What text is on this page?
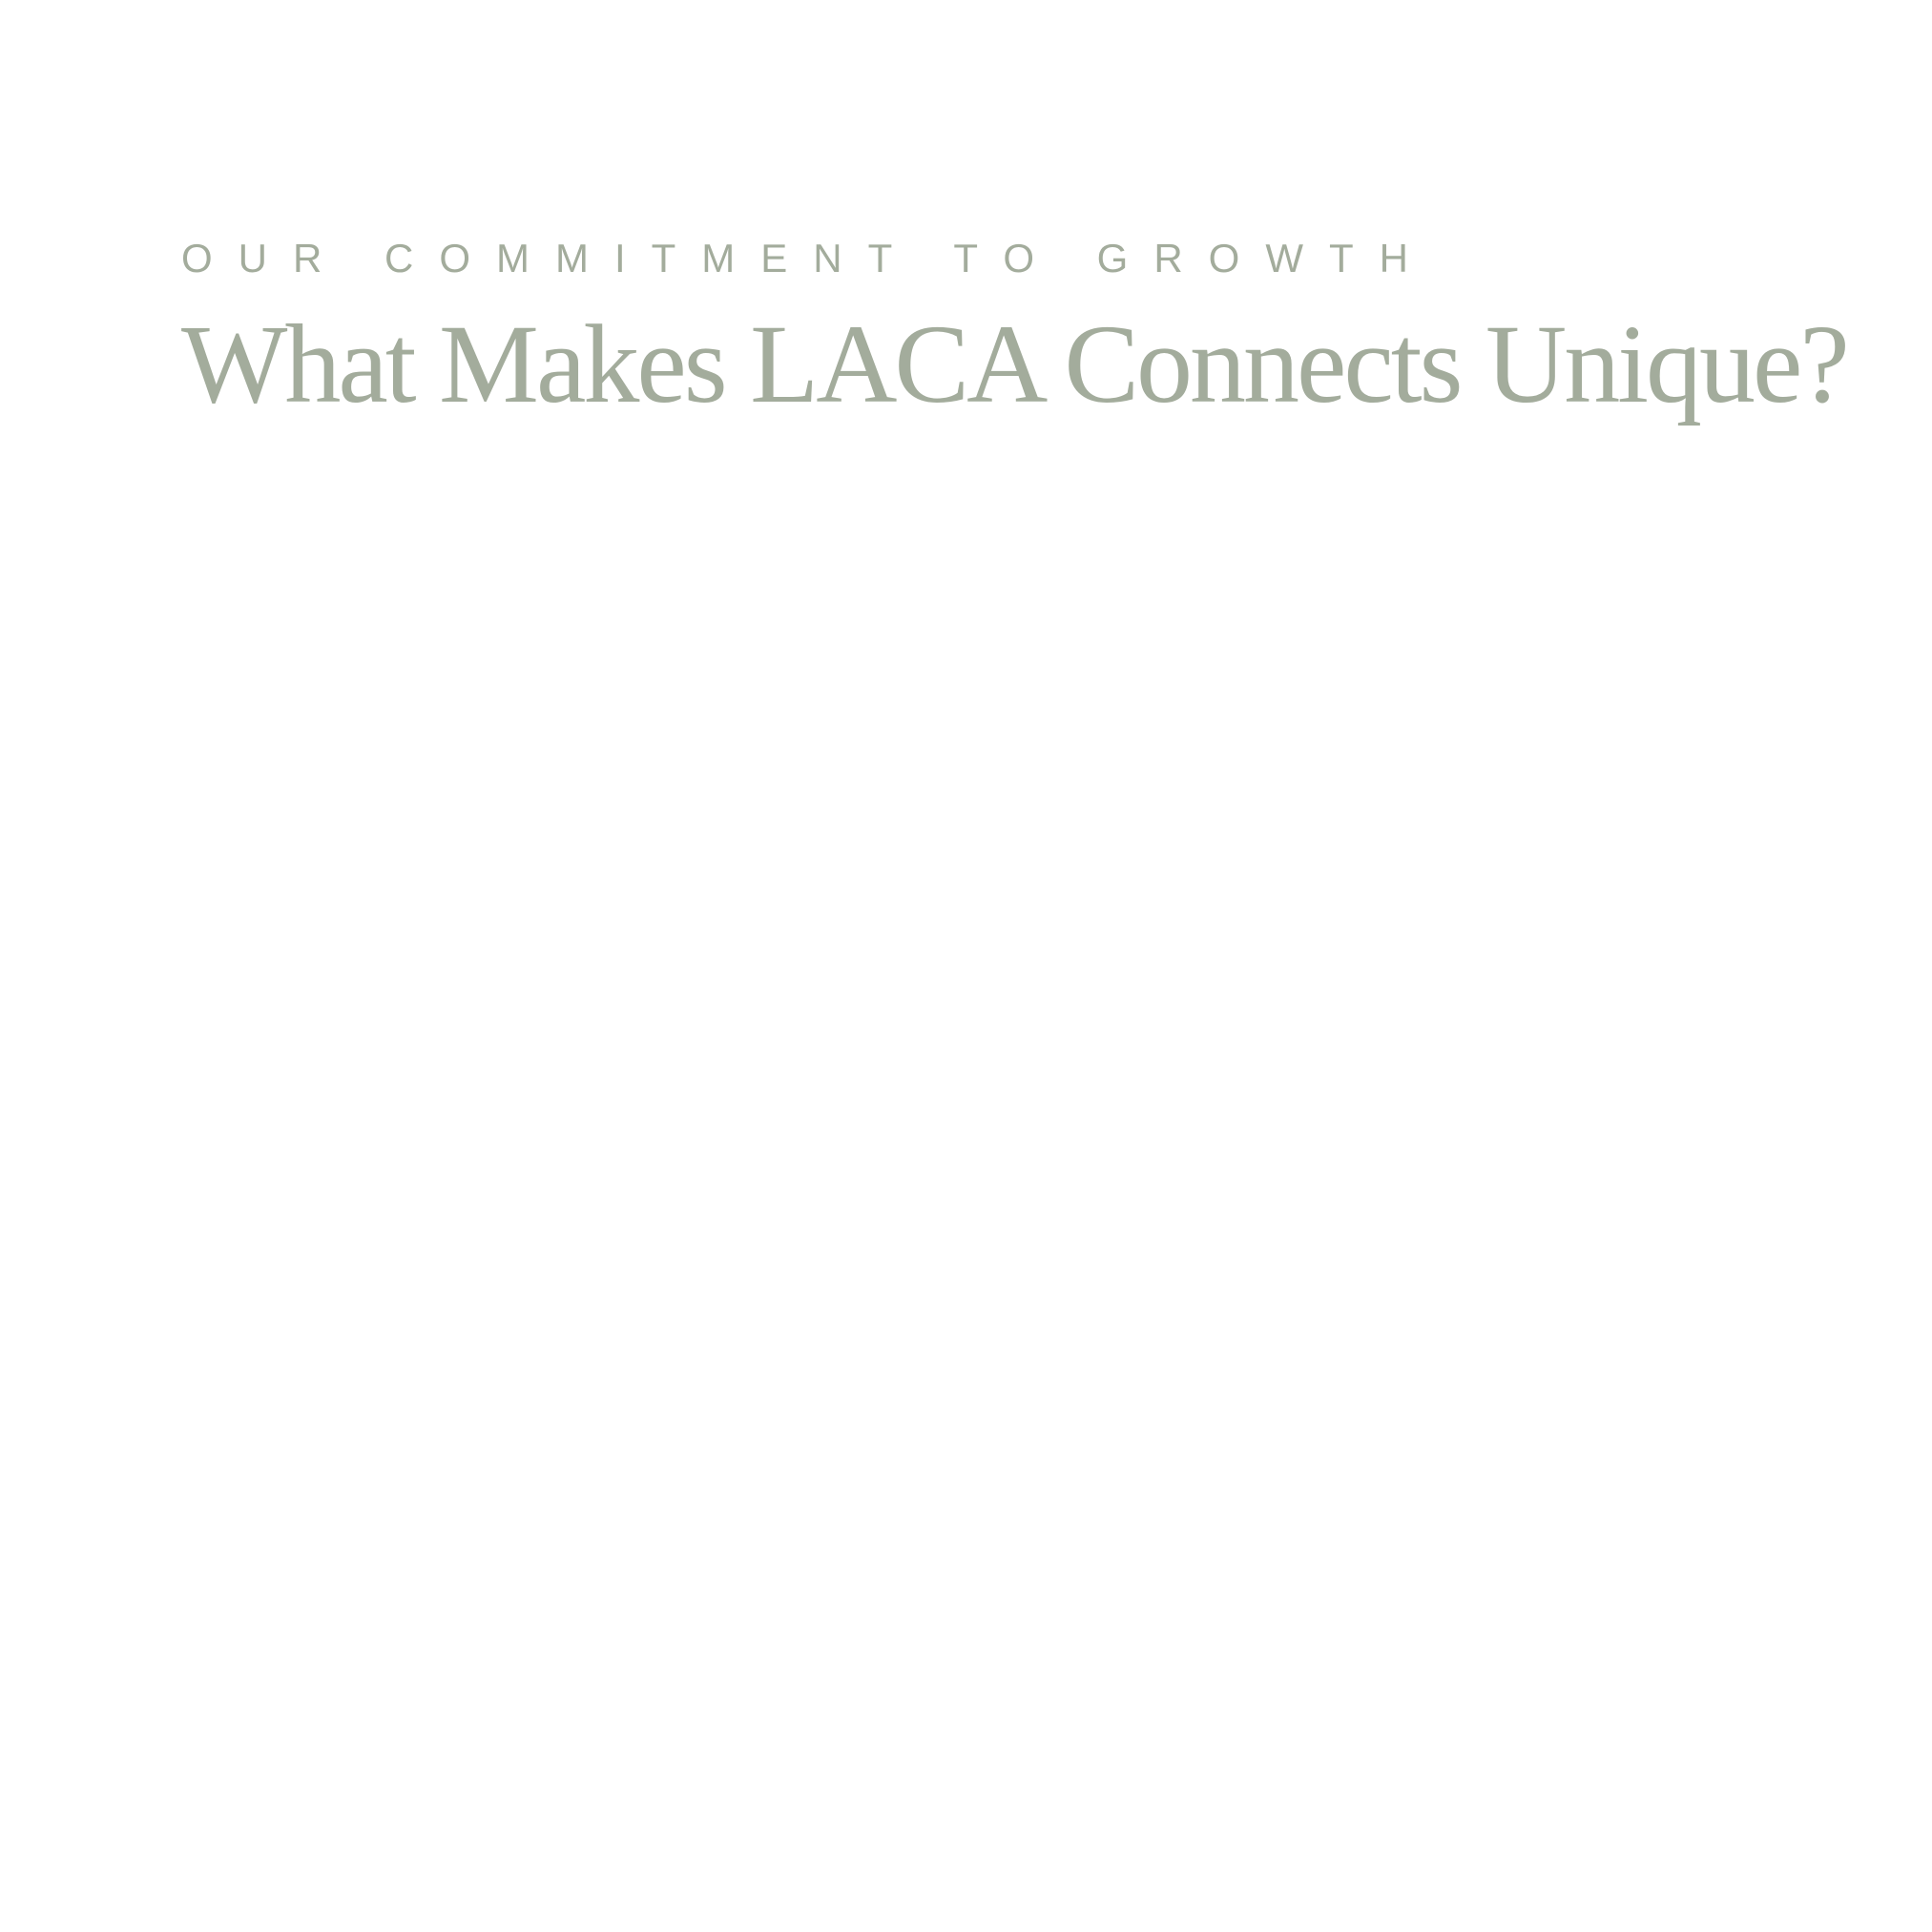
OUR COMMITMENT TO GROWTH
What Makes LACA Connects Unique?
